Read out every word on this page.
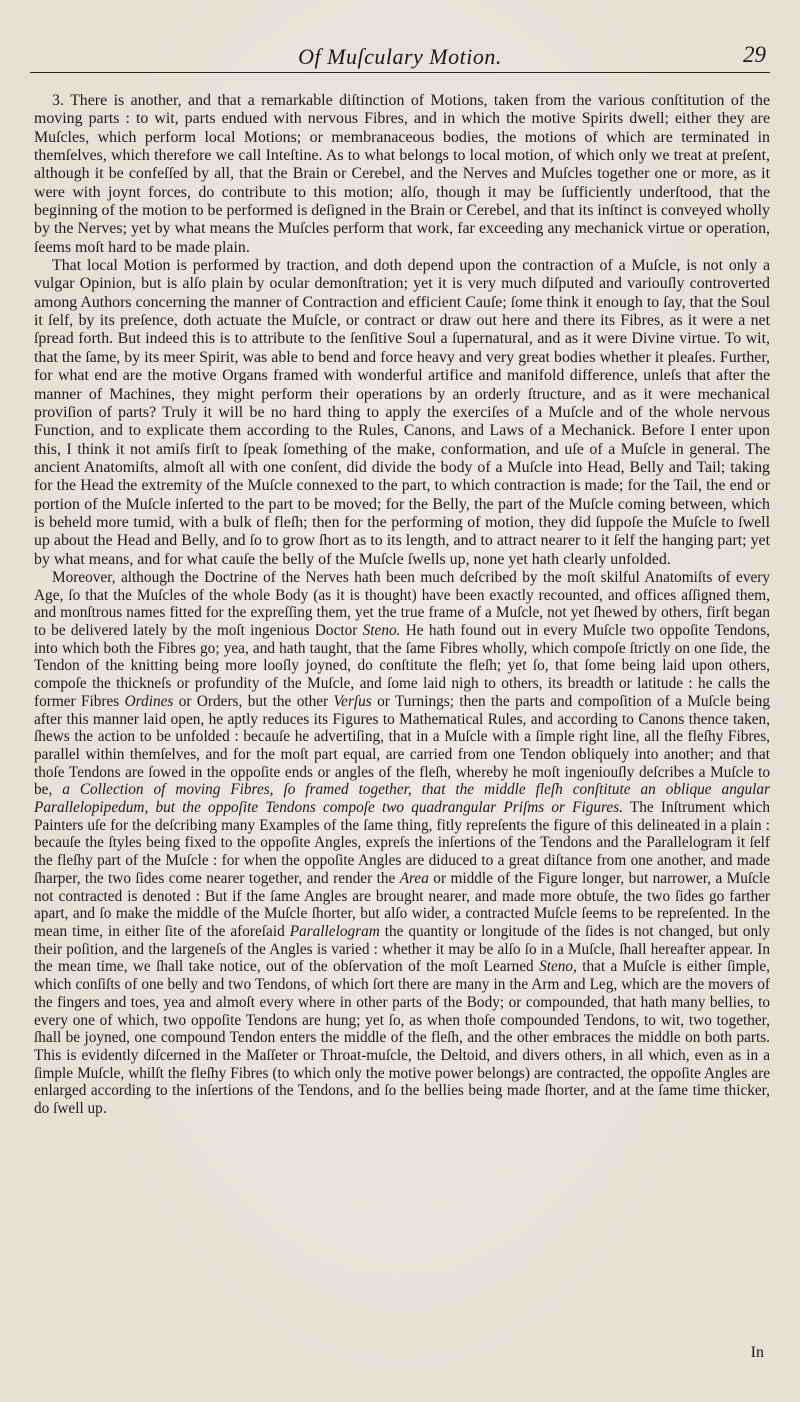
Of Muſculary Motion.	29

3. There is another, and that a remarkable diſtinction of Motions, taken from the various conſtitution of the moving parts : to wit, parts endued with nervous Fibres, and in which the motive Spirits dwell; either they are Muſcles, which perform local Motions; or membranaceous bodies, the motions of which are terminated in themſelves, which therefore we call Inteſtine. As to what belongs to local motion, of which only we treat at preſent, although it be confeſſed by all, that the Brain or Cerebel, and the Nerves and Muſcles together one or more, as it were with joynt forces, do contribute to this motion; alſo, though it may be ſufficiently underſtood, that the beginning of the motion to be performed is deſigned in the Brain or Cerebel, and that its inſtinct is conveyed wholly by the Nerves; yet by what means the Muſcles perform that work, far exceeding any mechanick virtue or operation, ſeems moſt hard to be made plain.

That local Motion is performed by traction, and doth depend upon the contraction of a Muſcle, is not only a vulgar Opinion, but is alſo plain by ocular demonſtration; yet it is very much diſputed and variouſly controverted among Authors concerning the manner of Contraction and efficient Cauſe; ſome think it enough to ſay, that the Soul it ſelf, by its preſence, doth actuate the Muſcle, or contract or draw out here and there its Fibres, as it were a net ſpread forth. But indeed this is to attribute to the ſenſitive Soul a ſupernatural, and as it were Divine virtue. To wit, that the ſame, by its meer Spirit, was able to bend and force heavy and very great bodies whether it pleaſes. Further, for what end are the motive Organs framed with wonderful artifice and manifold difference, unleſs that after the manner of Machines, they might perform their operations by an orderly ſtructure, and as it were mechanical proviſion of parts? Truly it will be no hard thing to apply the exerciſes of a Muſcle and of the whole nervous Function, and to explicate them according to the Rules, Canons, and Laws of a Mechanick. Before I enter upon this, I think it not amiſs firſt to ſpeak ſomething of the make, conformation, and uſe of a Muſcle in general. The ancient Anatomiſts, almoſt all with one conſent, did divide the body of a Muſcle into Head, Belly and Tail; taking for the Head the extremity of the Muſcle connexed to the part, to which contraction is made; for the Tail, the end or portion of the Muſcle inſerted to the part to be moved; for the Belly, the part of the Muſcle coming between, which is beheld more tumid, with a bulk of fleſh; then for the performing of motion, they did ſuppoſe the Muſcle to ſwell up about the Head and Belly, and ſo to grow ſhort as to its length, and to attract nearer to it ſelf the hanging part; yet by what means, and for what cauſe the belly of the Muſcle ſwells up, none yet hath clearly unfolded.

Moreover, although the Doctrine of the Nerves hath been much deſcribed by the moſt skilful Anatomiſts of every Age, ſo that the Muſcles of the whole Body (as it is thought) have been exactly recounted, and offices aſſigned them, and monſtrous names fitted for the expreſſing them, yet the true frame of a Muſcle, not yet ſhewed by others, firſt began to be delivered lately by the moſt ingenious Doctor Steno. He hath found out in every Muſcle two oppoſite Tendons, into which both the Fibres go; yea, and hath taught, that the ſame Fibres wholly, which compoſe ſtrictly on one ſide, the Tendon of the knitting being more looſly joyned, do conſtitute the fleſh; yet ſo, that ſome being laid upon others, compoſe the thickneſs or profundity of the Muſcle, and ſome laid nigh to others, its breadth or latitude : he calls the former Fibres Ordines or Orders, but the other Verſus or Turnings; then the parts and compoſition of a Muſcle being after this manner laid open, he aptly reduces its Figures to Mathematical Rules, and according to Canons thence taken, ſhews the action to be unfolded : becauſe he advertiſing, that in a Muſcle with a ſimple right line, all the fleſhy Fibres, parallel within themſelves, and for the moſt part equal, are carried from one Tendon obliquely into another; and that thoſe Tendons are ſowed in the oppoſite ends or angles of the fleſh, whereby he moſt ingeniouſly deſcribes a Muſcle to be, a Collection of moving Fibres, ſo framed together, that the middle fleſh conſtitute an oblique angular Parallelopipedum, but the oppoſite Tendons compoſe two quadrangular Priſms or Figures. The Inſtrument which Painters uſe for the deſcribing many Examples of the ſame thing, fitly repreſents the figure of this delineated in a plain : becauſe the ſtyles being fixed to the oppoſite Angles, expreſs the inſertions of the Tendons and the Parallelogram it ſelf the fleſhy part of the Muſcle : for when the oppoſite Angles are diduced to a great diſtance from one another, and made ſharper, the two ſides come nearer together, and render the Area or middle of the Figure longer, but narrower, a Muſcle not contracted is denoted : But if the ſame Angles are brought nearer, and made more obtuſe, the two ſides go farther apart, and ſo make the middle of the Muſcle ſhorter, but alſo wider, a contracted Muſcle ſeems to be repreſented. In the mean time, in either ſite of the aforeſaid Parallelogram the quantity or longitude of the ſides is not changed, but only their poſition, and the largeneſs of the Angles is varied : whether it may be alſo ſo in a Muſcle, ſhall hereafter appear. In the mean time, we ſhall take notice, out of the obſervation of the moſt Learned Steno, that a Muſcle is either ſimple, which conſiſts of one belly and two Tendons, of which ſort there are many in the Arm and Leg, which are the movers of the fingers and toes, yea and almoſt every where in other parts of the Body; or compounded, that hath many bellies, to every one of which, two oppoſite Tendons are hung; yet ſo, as when thoſe compounded Tendons, to wit, two together, ſhall be joyned, one compound Tendon enters the middle of the fleſh, and the other embraces the middle on both parts. This is evidently diſcerned in the Maſſeter or Throat-muſcle, the Deltoid, and divers others, in all which, even as in a ſimple Muſcle, whilſt the fleſhy Fibres (to which only the motive power belongs) are contracted, the oppoſite Angles are enlarged according to the inſertions of the Tendons, and ſo the bellies being made ſhorter, and at the ſame time thicker, do ſwell up.

In
